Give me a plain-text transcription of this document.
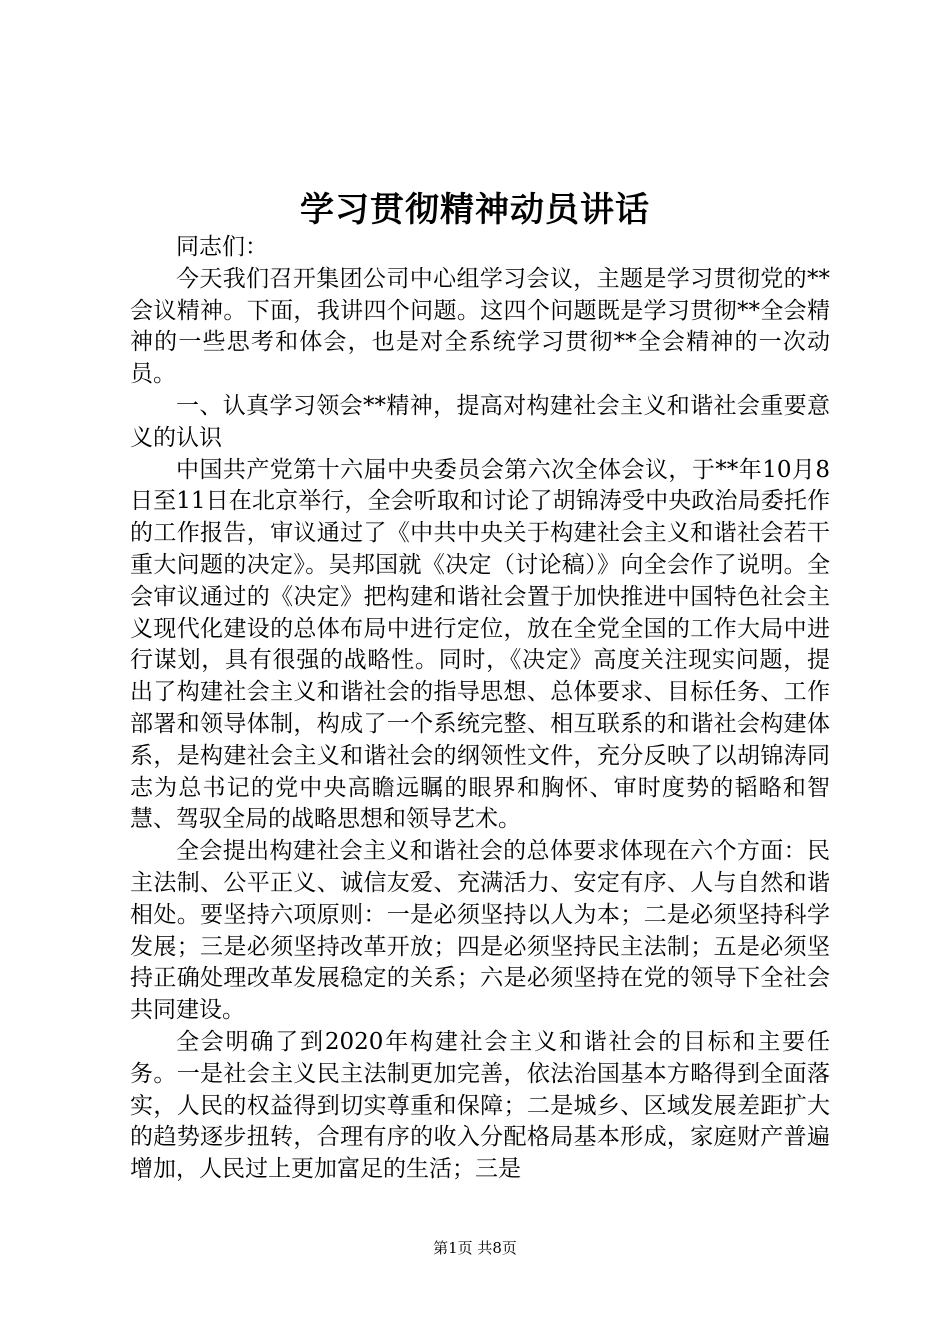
学习贯彻精神动员讲话

同志们：

今天我们召开集团公司中心组学习会议，主题是学习贯彻党的**会议精神。下面，我讲四个问题。这四个问题既是学习贯彻**全会精神的一些思考和体会，也是对全系统学习贯彻**全会精神的一次动员。

一、认真学习领会**精神，提高对构建社会主义和谐社会重要意义的认识

中国共产党第十六届中央委员会第六次全体会议，于**年10月8日至11日在北京举行，全会听取和讨论了胡锦涛受中央政治局委托作的工作报告，审议通过了《中共中央关于构建社会主义和谐社会若干重大问题的决定》。吴邦国就《决定（讨论稿）》向全会作了说明。全会审议通过的《决定》把构建和谐社会置于加快推进中国特色社会主义现代化建设的总体布局中进行定位，放在全党全国的工作大局中进行谋划，具有很强的战略性。同时，《决定》高度关注现实问题，提出了构建社会主义和谐社会的指导思想、总体要求、目标任务、工作部署和领导体制，构成了一个系统完整、相互联系的和谐社会构建体系，是构建社会主义和谐社会的纲领性文件，充分反映了以胡锦涛同志为总书记的党中央高瞻远瞩的眼界和胸怀、审时度势的韬略和智慧、驾驭全局的战略思想和领导艺术。

全会提出构建社会主义和谐社会的总体要求体现在六个方面：民主法制、公平正义、诚信友爱、充满活力、安定有序、人与自然和谐相处。要坚持六项原则：一是必须坚持以人为本；二是必须坚持科学发展；三是必须坚持改革开放；四是必须坚持民主法制；五是必须坚持正确处理改革发展稳定的关系；六是必须坚持在党的领导下全社会共同建设。

全会明确了到2020年构建社会主义和谐社会的目标和主要任务。一是社会主义民主法制更加完善，依法治国基本方略得到全面落实，人民的权益得到切实尊重和保障；二是城乡、区域发展差距扩大的趋势逐步扭转，合理有序的收入分配格局基本形成，家庭财产普遍增加，人民过上更加富足的生活；三是

第1页 共8页
